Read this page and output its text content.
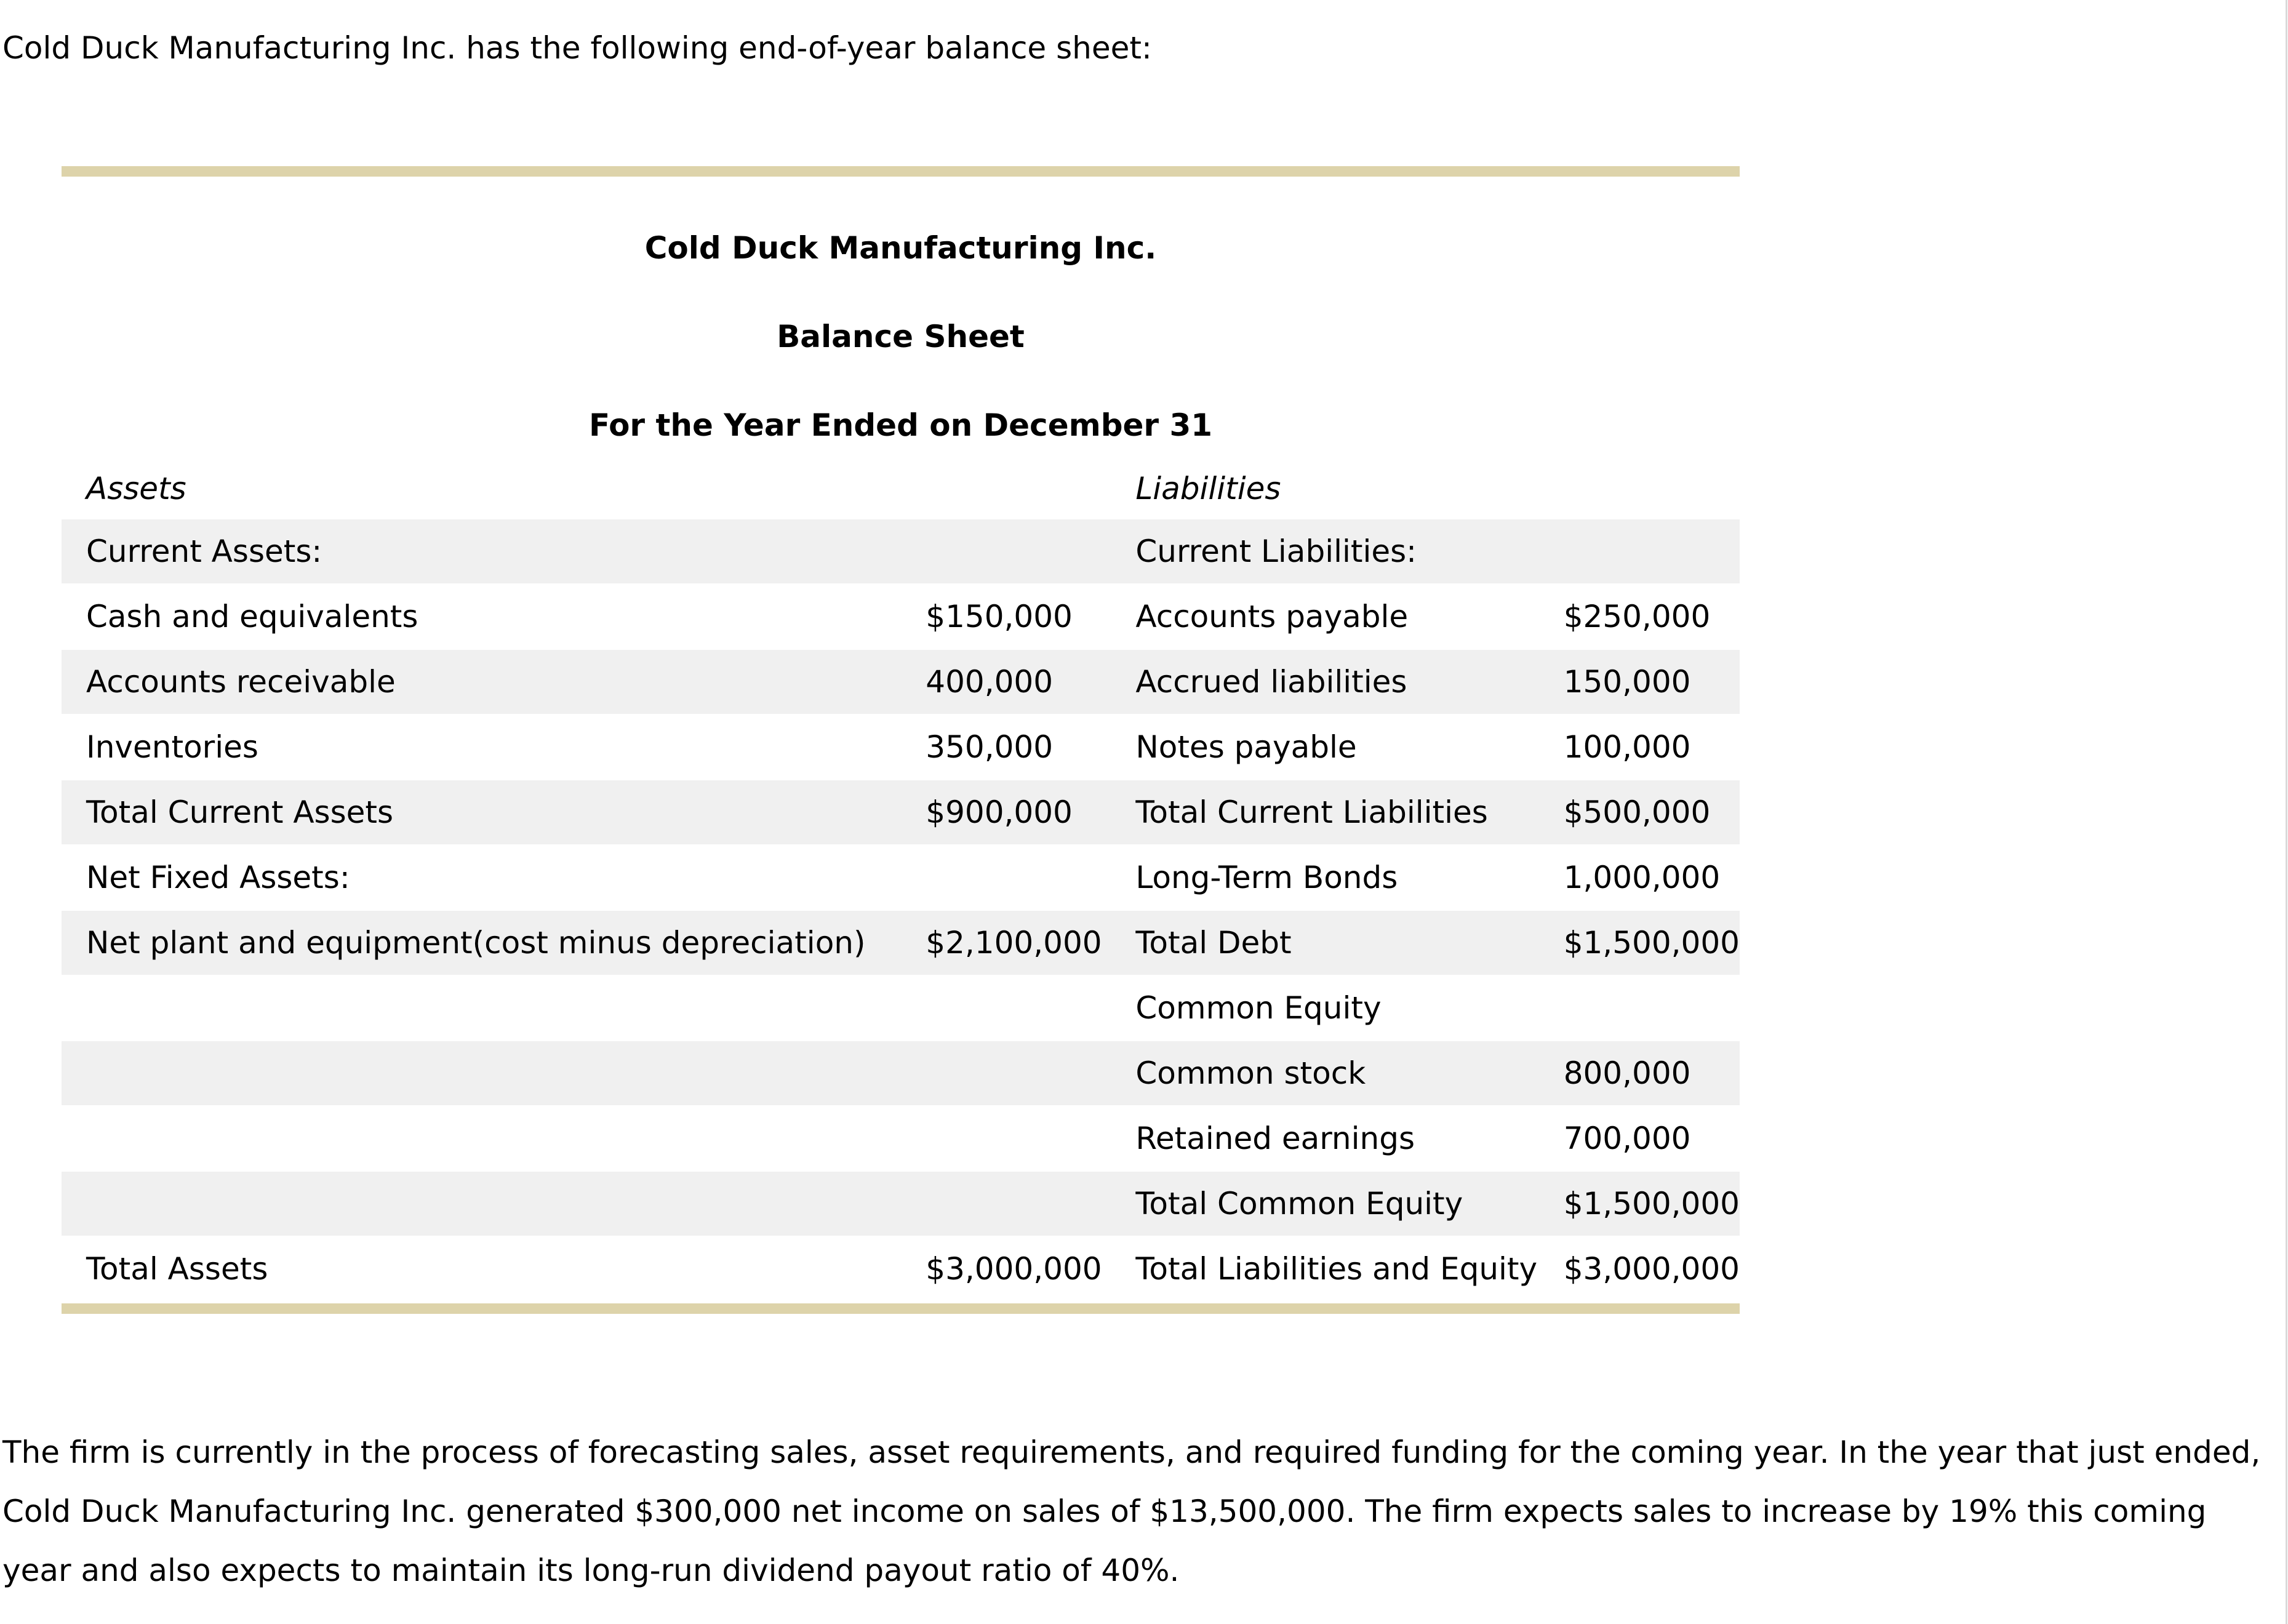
Cold Duck Manufacturing Inc. has the following end-of-year balance sheet:
Cold Duck Manufacturing Inc.
Balance Sheet
For the Year Ended on December 31
Assets		Liabilities	
Current Assets:		Current Liabilities:	
Cash and equivalents	$150,000	Accounts payable	$250,000
Accounts receivable	400,000	Accrued liabilities	150,000
Inventories	350,000	Notes payable	100,000
Total Current Assets	$900,000	Total Current Liabilities	$500,000
Net Fixed Assets:		Long-Term Bonds	1,000,000
Net plant and equipment(cost minus depreciation)	$2,100,000	Total Debt	$1,500,000
		Common Equity	
		Common stock	800,000
		Retained earnings	700,000
		Total Common Equity	$1,500,000
Total Assets	$3,000,000	Total Liabilities and Equity	$3,000,000
The firm is currently in the process of forecasting sales, asset requirements, and required funding for the coming year. In the year that just ended, Cold Duck Manufacturing Inc. generated $300,000 net income on sales of $13,500,000. The firm expects sales to increase by 19% this coming year and also expects to maintain its long-run dividend payout ratio of 40%.
